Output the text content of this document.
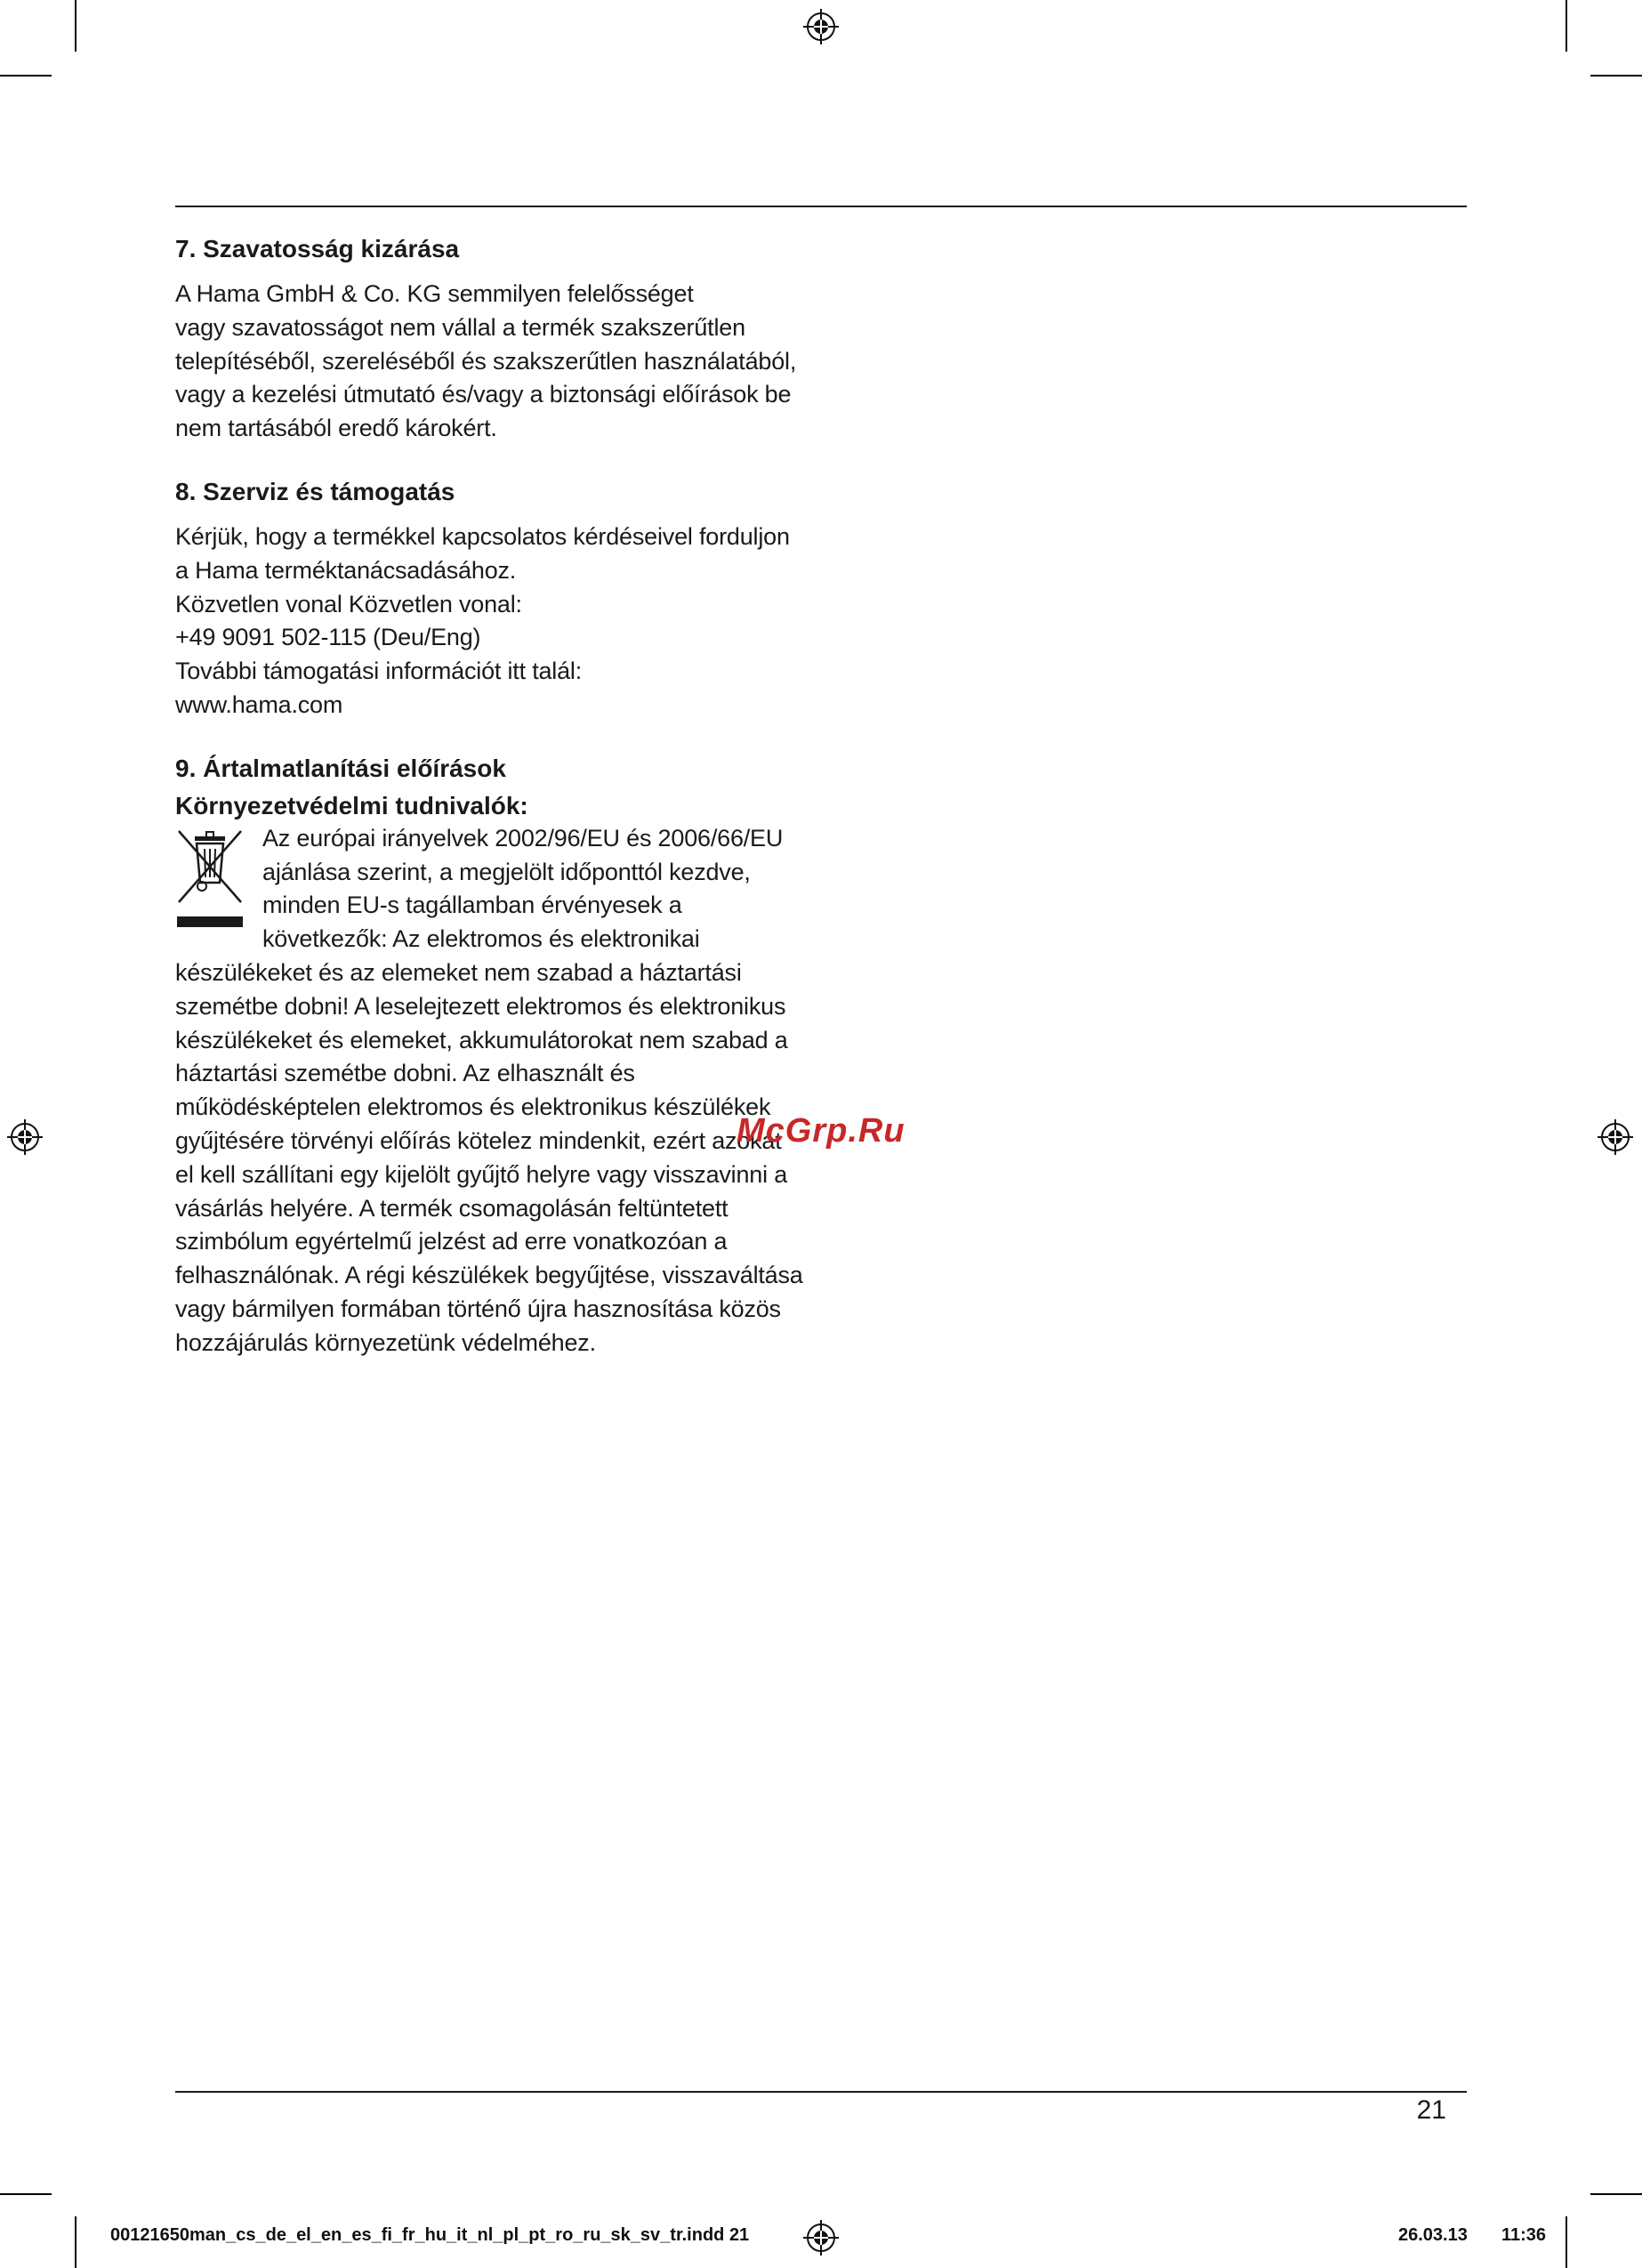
7. Szavatosság kizárása

A Hama GmbH & Co. KG semmilyen felelősséget
vagy szavatosságot nem vállal a termék szakszerűtlen
telepítéséből, szereléséből és szakszerűtlen használatából,
vagy a kezelési útmutató és/vagy a biztonsági előírások be
nem tartásából eredő károkért.

8. Szerviz és támogatás

Kérjük, hogy a termékkel kapcsolatos kérdéseivel forduljon
a Hama terméktanácsadásához.
Közvetlen vonal Közvetlen vonal:
+49 9091 502-115 (Deu/Eng)
További támogatási információt itt talál:
www.hama.com

9. Ártalmatlanítási előírások
Környezetvédelmi tudnivalók:

Az európai irányelvek 2002/96/EU és 2006/66/EU
ajánlása szerint, a megjelölt időponttól kezdve,
minden EU-s tagállamban érvényesek a
következők: Az elektromos és elektronikai

készülékeket és az elemeket nem szabad a háztartási
szemétbe dobni! A leselejtezett elektromos és elektronikus
készülékeket és elemeket, akkumulátorokat nem szabad a
háztartási szemétbe dobni. Az elhasznált és
működésképtelen elektromos és elektronikus készülékek
gyűjtésére törvényi előírás kötelez mindenkit, ezért azokat
el kell szállítani egy kijelölt gyűjtő helyre vagy visszavinni a
vásárlás helyére. A termék csomagolásán feltüntetett
szimbólum egyértelmű jelzést ad erre vonatkozóan a
felhasználónak. A régi készülékek begyűjtése, visszaváltása
vagy bármilyen formában történő újra hasznosítása közös
hozzájárulás környezetünk védelméhez.

McGrp.Ru
21
00121650man_cs_de_el_en_es_fi_fr_hu_it_nl_pl_pt_ro_ru_sk_sv_tr.indd 21	26.03.13 11:36
